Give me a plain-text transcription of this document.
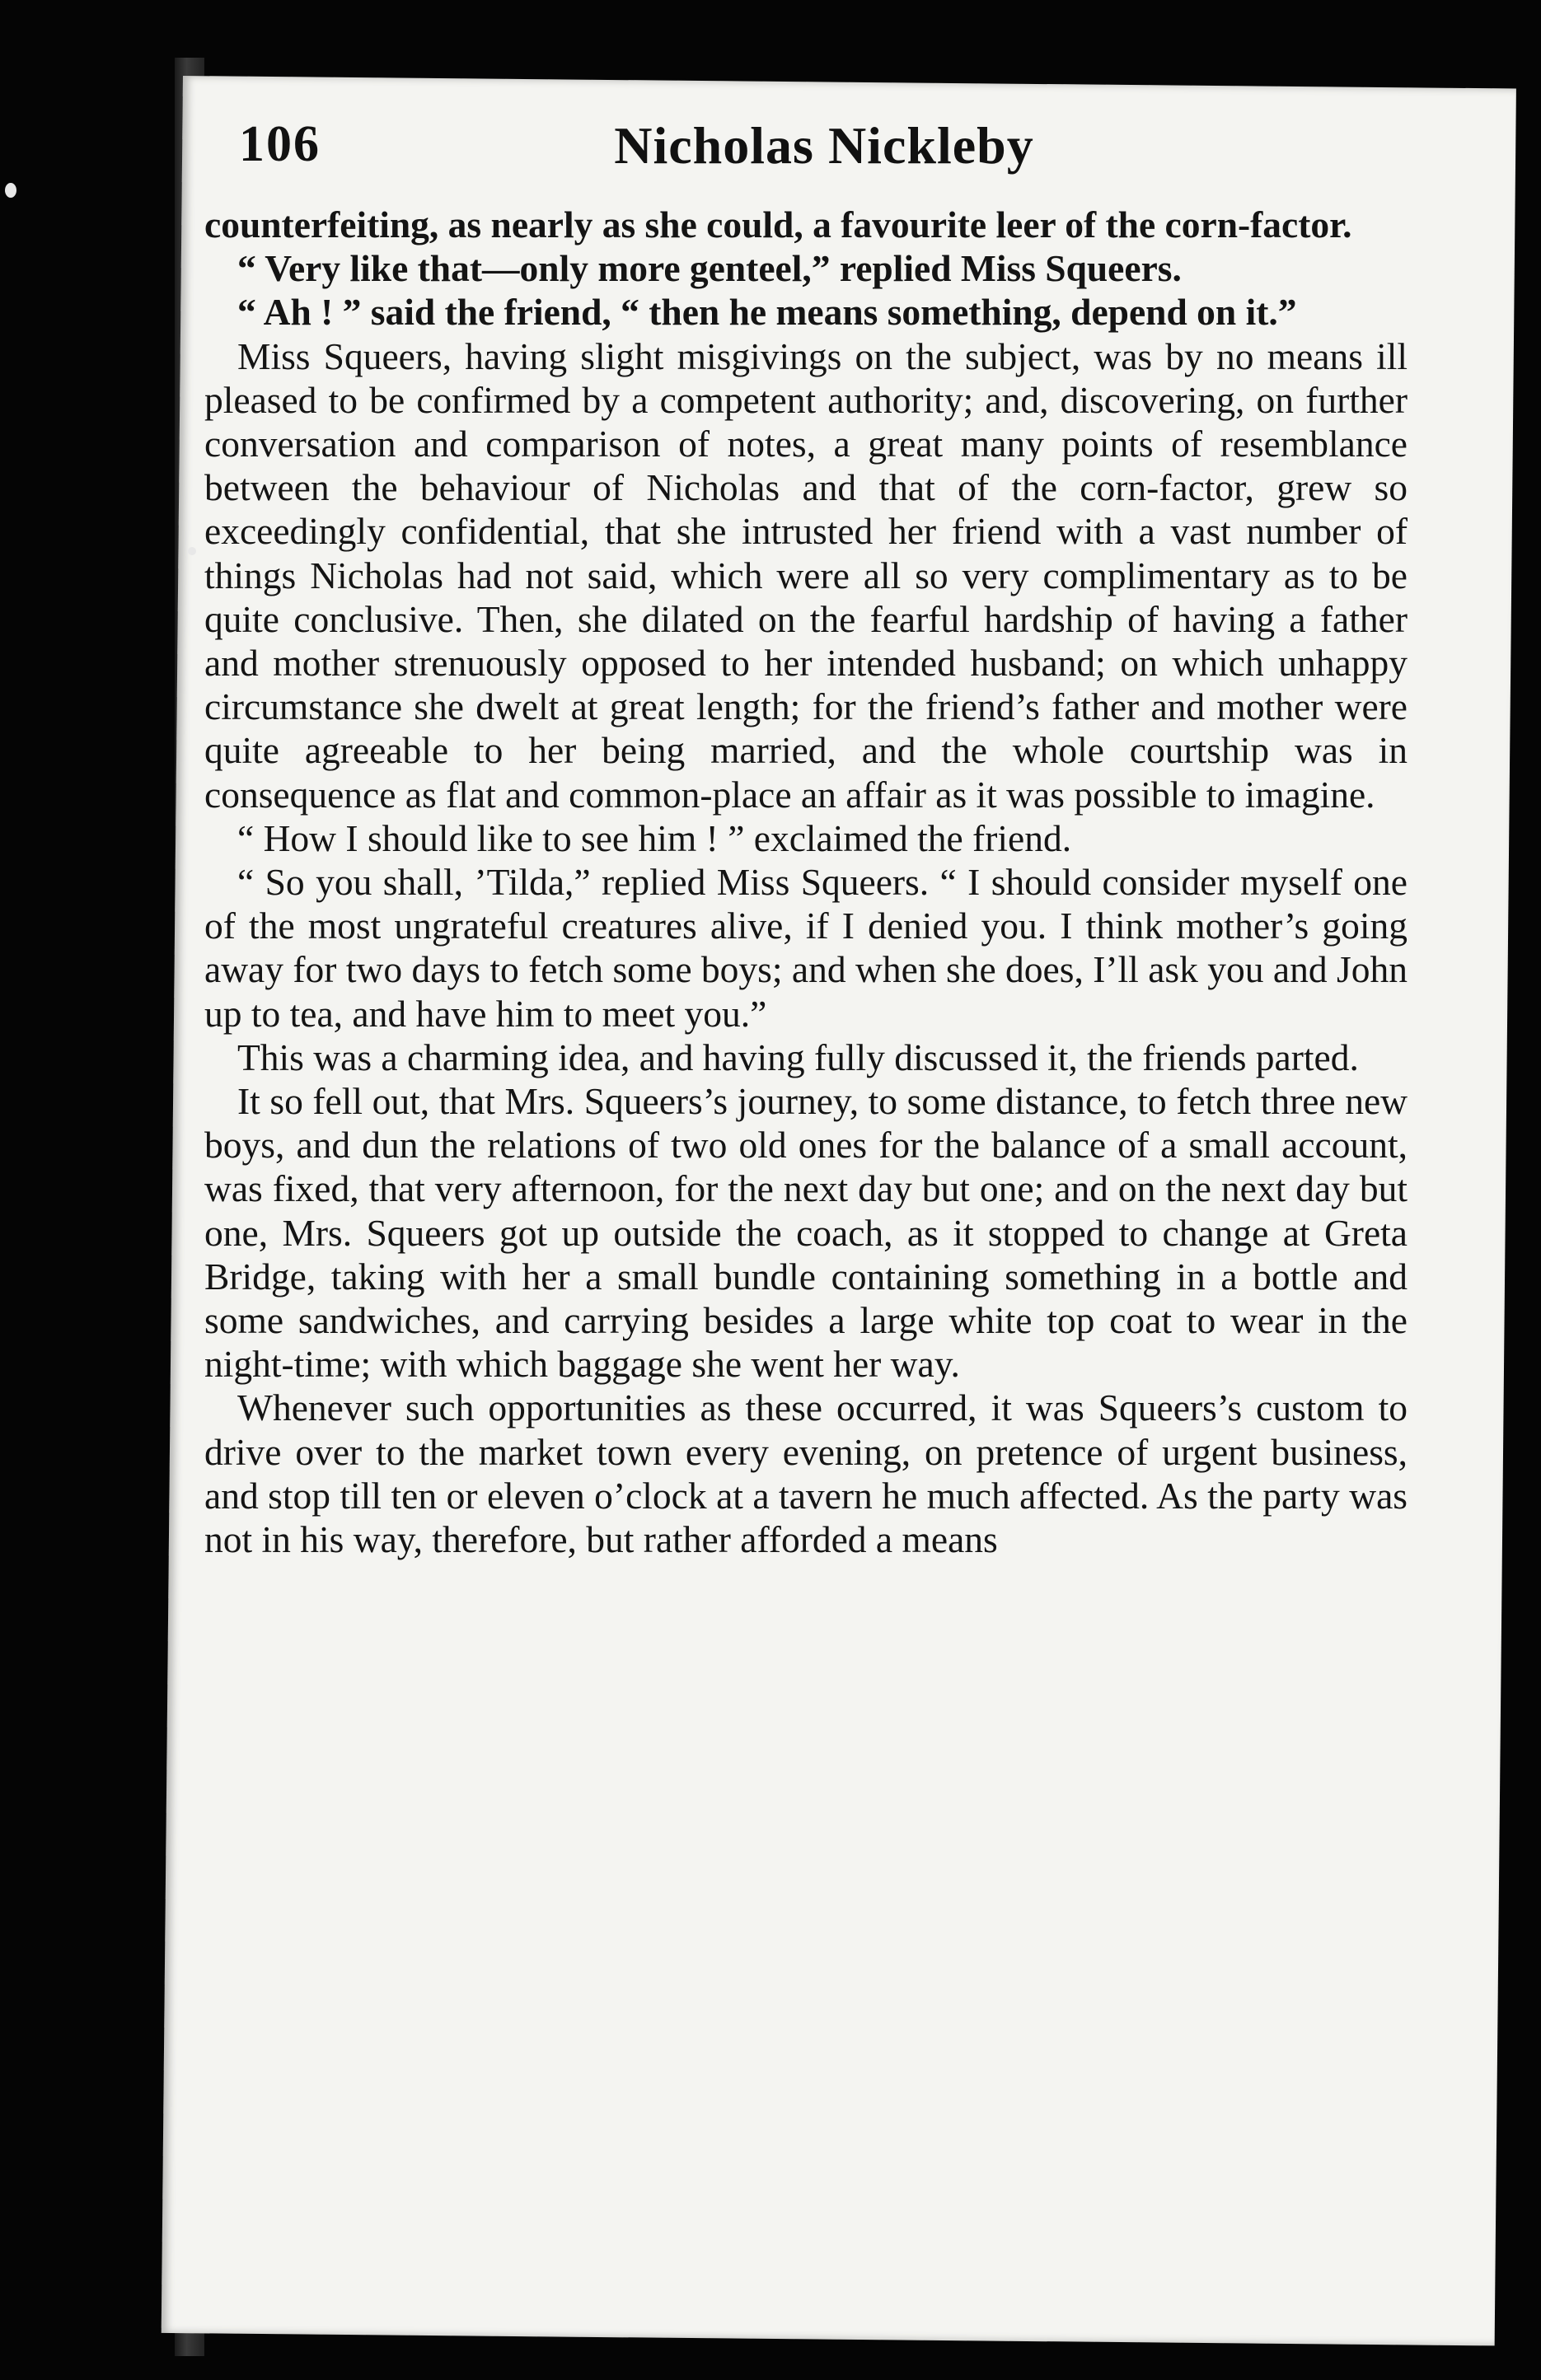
106	Nicholas Nickleby

counterfeiting, as nearly as she could, a favourite leer of the corn-factor.

“ Very like that—only more genteel,” replied Miss Squeers.

“ Ah ! ” said the friend, “ then he means something, depend on it.”

Miss Squeers, having slight misgivings on the subject, was by no means ill pleased to be confirmed by a competent authority; and, discovering, on further conversation and comparison of notes, a great many points of resemblance between the behaviour of Nicholas and that of the corn-factor, grew so exceedingly confidential, that she intrusted her friend with a vast number of things Nicholas had not said, which were all so very complimentary as to be quite conclusive. Then, she dilated on the fearful hardship of having a father and mother strenuously opposed to her intended husband; on which unhappy circumstance she dwelt at great length; for the friend’s father and mother were quite agreeable to her being married, and the whole courtship was in consequence as flat and common-place an affair as it was possible to imagine.

“ How I should like to see him ! ” exclaimed the friend.

“ So you shall, ’Tilda,” replied Miss Squeers. “ I should consider myself one of the most ungrateful creatures alive, if I denied you. I think mother’s going away for two days to fetch some boys; and when she does, I’ll ask you and John up to tea, and have him to meet you.”

This was a charming idea, and having fully discussed it, the friends parted.

It so fell out, that Mrs. Squeers’s journey, to some distance, to fetch three new boys, and dun the relations of two old ones for the balance of a small account, was fixed, that very afternoon, for the next day but one; and on the next day but one, Mrs. Squeers got up outside the coach, as it stopped to change at Greta Bridge, taking with her a small bundle containing something in a bottle and some sandwiches, and carrying besides a large white top coat to wear in the night-time; with which baggage she went her way.

Whenever such opportunities as these occurred, it was Squeers’s custom to drive over to the market town every evening, on pretence of urgent business, and stop till ten or eleven o’clock at a tavern he much affected. As the party was not in his way, therefore, but rather afforded a means
